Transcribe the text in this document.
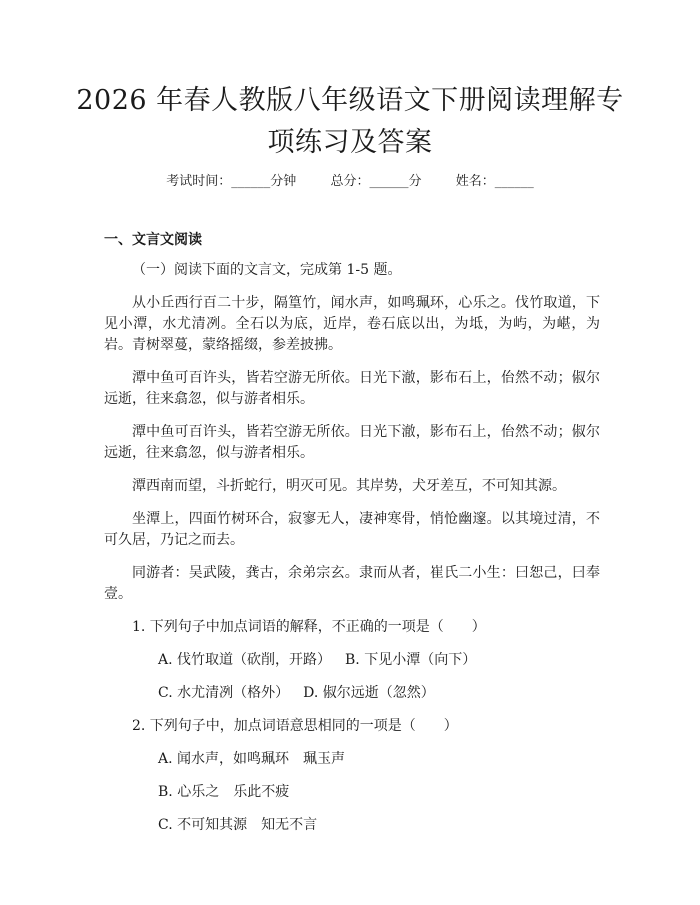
2026 年春人教版八年级语文下册阅读理解专
项练习及答案
考试时间：______分钟	总分：______分	姓名：______
一、文言文阅读

（一）阅读下面的文言文，完成第 1-5 题。

从小丘西行百二十步，隔篁竹，闻水声，如鸣珮环，心乐之。伐竹取道，下见小潭，水尤清冽。全石以为底，近岸，卷石底以出，为坻，为屿，为嵁，为岩。青树翠蔓，蒙络摇缀，参差披拂。

潭中鱼可百许头，皆若空游无所依。日光下澈，影布石上，佁然不动；俶尔远逝，往来翕忽，似与游者相乐。

潭中鱼可百许头，皆若空游无所依。日光下澈，影布石上，佁然不动；俶尔远逝，往来翕忽，似与游者相乐。

潭西南而望，斗折蛇行，明灭可见。其岸势，犬牙差互，不可知其源。

坐潭上，四面竹树环合，寂寥无人，凄神寒骨，悄怆幽邃。以其境过清，不可久居，乃记之而去。

同游者：吴武陵，龚古，余弟宗玄。隶而从者，崔氏二小生：曰恕己，曰奉壹。

1. 下列句子中加点词语的解释，不正确的一项是（　　）
A. 伐竹取道（砍削，开路） B. 下见小潭（向下）
C. 水尤清冽（格外） D. 俶尔远逝（忽然）
2. 下列句子中，加点词语意思相同的一项是（　　）
A. 闻水声，如鸣珮环　珮玉声
B. 心乐之　乐此不疲
C. 不可知其源　知无不言
